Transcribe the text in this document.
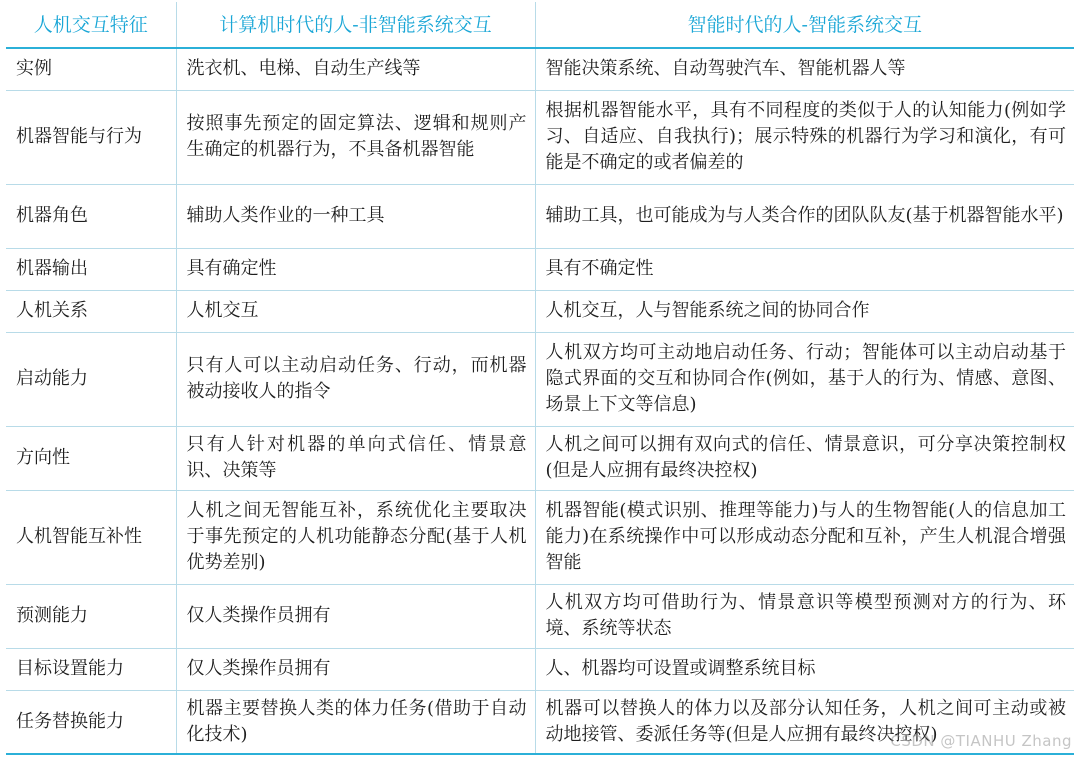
人机交互特征	计算机时代的人-非智能系统交互	智能时代的人-智能系统交互
实例	洗衣机、电梯、自动生产线等	智能决策系统、自动驾驶汽车、智能机器人等
机器智能与行为	按照事先预定的固定算法、逻辑和规则产生确定的机器行为，不具备机器智能	根据机器智能水平，具有不同程度的类似于人的认知能力(例如学习、自适应、自我执行)；展示特殊的机器行为学习和演化，有可能是不确定的或者偏差的
机器角色	辅助人类作业的一种工具	辅助工具，也可能成为与人类合作的团队队友(基于机器智能水平)
机器输出	具有确定性	具有不确定性
人机关系	人机交互	人机交互，人与智能系统之间的协同合作
启动能力	只有人可以主动启动任务、行动，而机器被动接收人的指令	人机双方均可主动地启动任务、行动；智能体可以主动启动基于隐式界面的交互和协同合作(例如，基于人的行为、情感、意图、场景上下文等信息)
方向性	只有人针对机器的单向式信任、情景意识、决策等	人机之间可以拥有双向式的信任、情景意识，可分享决策控制权(但是人应拥有最终决控权)
人机智能互补性	人机之间无智能互补，系统优化主要取决于事先预定的人机功能静态分配(基于人机优势差别)	机器智能(模式识别、推理等能力)与人的生物智能(人的信息加工能力)在系统操作中可以形成动态分配和互补，产生人机混合增强智能
预测能力	仅人类操作员拥有	人机双方均可借助行为、情景意识等模型预测对方的行为、环境、系统等状态
目标设置能力	仅人类操作员拥有	人、机器均可设置或调整系统目标
任务替换能力	机器主要替换人类的体力任务(借助于自动化技术)	机器可以替换人的体力以及部分认知任务，人机之间可主动或被动地接管、委派任务等(但是人应拥有最终决控权)
CSDN @TIANHU Zhang
